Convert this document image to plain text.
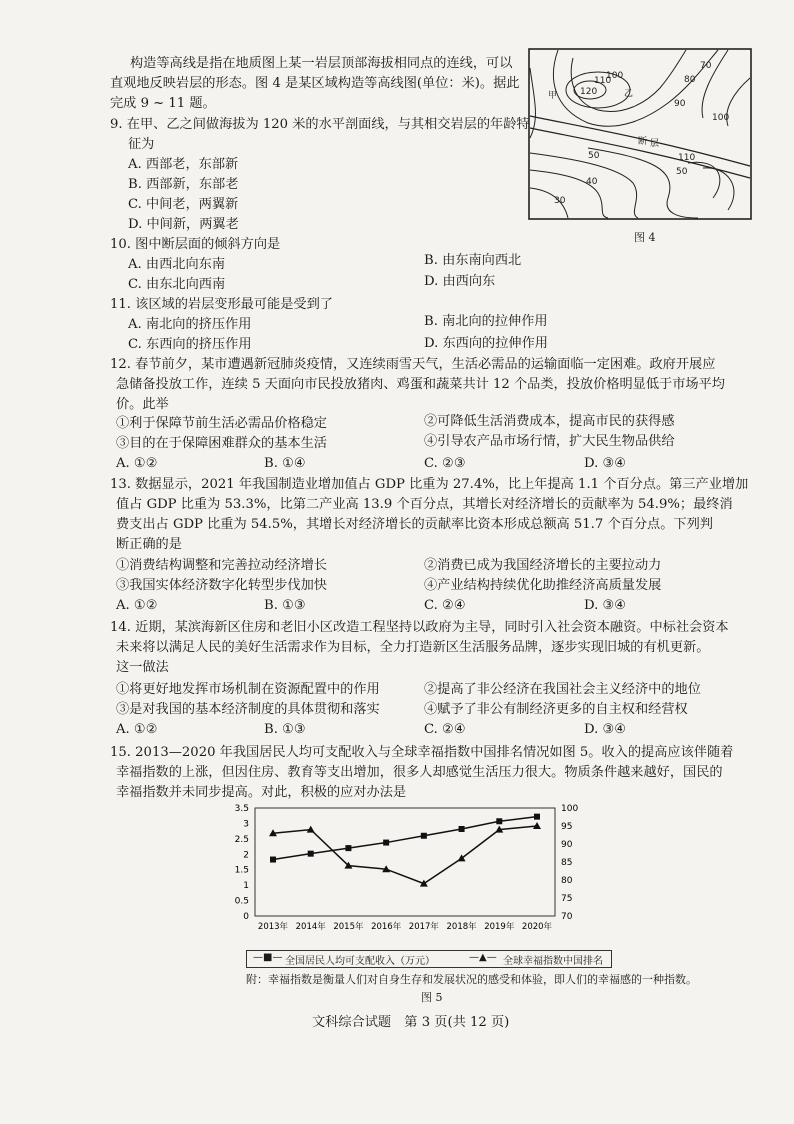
构造等高线是指在地质图上某一岩层顶部海拔相同点的连线，可以
直观地反映岩层的形态。图 4 是某区域构造等高线图(单位：米)。据此
完成 9 ~ 11 题。
9. 在甲、乙之间做海拔为 120 米的水平剖面线，与其相交岩层的年龄特
征为
A. 西部老，东部新
B. 西部新，东部老
C. 中间老，两翼新
D. 中间新，两翼老
70
100
110
120
甲	乙
80
90
100
110
50
50
40
30
断 层
图 4
10. 图中断层面的倾斜方向是
A. 由西北向东南	B. 由东南向西北
C. 由东北向西南	D. 由西向东
11. 该区域的岩层变形最可能是受到了
A. 南北向的挤压作用	B. 南北向的拉伸作用
C. 东西向的挤压作用	D. 东西向的拉伸作用
12. 春节前夕，某市遭遇新冠肺炎疫情，又连续雨雪天气，生活必需品的运输面临一定困难。政府开展应
急储备投放工作，连续 5 天面向市民投放猪肉、鸡蛋和蔬菜共计 12 个品类，投放价格明显低于市场平均
价。此举
①利于保障节前生活必需品价格稳定	②可降低生活消费成本，提高市民的获得感
③目的在于保障困难群众的基本生活	④引导农产品市场行情，扩大民生物品供给
A. ①②	B. ①④	C. ②③	D. ③④
13. 数据显示，2021 年我国制造业增加值占 GDP 比重为 27.4%，比上年提高 1.1 个百分点。第三产业增加
值占 GDP 比重为 53.3%，比第二产业高 13.9 个百分点，其增长对经济增长的贡献率为 54.9%；最终消
费支出占 GDP 比重为 54.5%，其增长对经济增长的贡献率比资本形成总额高 51.7 个百分点。下列判
断正确的是
①消费结构调整和完善拉动经济增长	②消费已成为我国经济增长的主要拉动力
③我国实体经济数字化转型步伐加快	④产业结构持续优化助推经济高质量发展
A. ①②	B. ①③	C. ②④	D. ③④
14. 近期，某滨海新区住房和老旧小区改造工程坚持以政府为主导，同时引入社会资本融资。中标社会资本
未来将以满足人民的美好生活需求作为目标，全力打造新区生活服务品牌，逐步实现旧城的有机更新。
这一做法
①将更好地发挥市场机制在资源配置中的作用	②提高了非公经济在我国社会主义经济中的地位
③是对我国的基本经济制度的具体贯彻和落实	④赋予了非公有制经济更多的自主权和经营权
A. ①②	B. ①③	C. ②④	D. ③④
15. 2013—2020 年我国居民人均可支配收入与全球幸福指数中国排名情况如图 5。收入的提高应该伴随着
幸福指数的上涨，但因住房、教育等支出增加，很多人却感觉生活压力很大。物质条件越来越好，国民的
幸福指数并未同步提高。对此，积极的应对办法是
0
0.5
1
1.5
2
2.5
3
3.5
70
75
80
85
90
95
100
2013年 2014年 2015年 2016年 2017年 2018年 2019年 2020年
—■— 全国居民人均可支配收入（万元）	—▲— 全球幸福指数中国排名
附：幸福指数是衡量人们对自身生存和发展状况的感受和体验，即人们的幸福感的一种指数。
图 5
文科综合试题　第 3 页(共 12 页)
